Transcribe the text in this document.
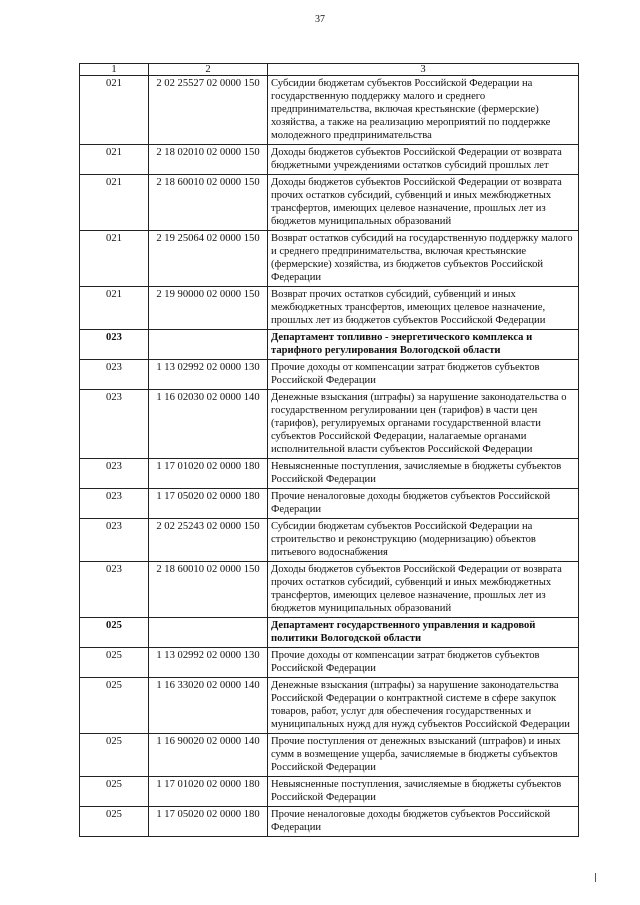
37
1	2	3
021	2 02 25527 02 0000 150	Субсидии бюджетам субъектов Российской Федерации на государственную поддержку малого и среднего предпринимательства, включая крестьянские (фермерские) хозяйства, а также на реализацию мероприятий по поддержке молодежного предпринимательства
021	2 18 02010 02 0000 150	Доходы бюджетов субъектов Российской Федерации от возврата бюджетными учреждениями остатков субсидий прошлых лет
021	2 18 60010 02 0000 150	Доходы бюджетов субъектов Российской Федерации от возврата прочих остатков субсидий, субвенций и иных межбюджетных трансфертов, имеющих целевое назначение, прошлых лет из бюджетов муниципальных образований
021	2 19 25064 02 0000 150	Возврат остатков субсидий на государственную поддержку малого и среднего предпринимательства, включая крестьянские (фермерские) хозяйства, из бюджетов субъектов Российской Федерации
021	2 19 90000 02 0000 150	Возврат прочих остатков субсидий, субвенций и иных межбюджетных трансфертов, имеющих целевое назначение, прошлых лет из бюджетов субъектов Российской Федерации
023		Департамент топливно - энергетического комплекса и тарифного регулирования Вологодской области
023	1 13 02992 02 0000 130	Прочие доходы от компенсации затрат бюджетов субъектов Российской Федерации
023	1 16 02030 02 0000 140	Денежные взыскания (штрафы) за нарушение законодательства о государственном регулировании цен (тарифов) в части цен (тарифов), регулируемых органами государственной власти субъектов Российской Федерации, налагаемые органами исполнительной власти субъектов Российской Федерации
023	1 17 01020 02 0000 180	Невыясненные поступления, зачисляемые в бюджеты субъектов Российской Федерации
023	1 17 05020 02 0000 180	Прочие неналоговые доходы бюджетов субъектов Российской Федерации
023	2 02 25243 02 0000 150	Субсидии бюджетам субъектов Российской Федерации на строительство и реконструкцию (модернизацию) объектов питьевого водоснабжения
023	2 18 60010 02 0000 150	Доходы бюджетов субъектов Российской Федерации от возврата прочих остатков субсидий, субвенций и иных межбюджетных трансфертов, имеющих целевое назначение, прошлых лет из бюджетов муниципальных образований
025		Департамент государственного управления и кадровой политики Вологодской области
025	1 13 02992 02 0000 130	Прочие доходы от компенсации затрат бюджетов субъектов Российской Федерации
025	1 16 33020 02 0000 140	Денежные взыскания (штрафы) за нарушение законодательства Российской Федерации о контрактной системе в сфере закупок товаров, работ, услуг для обеспечения государственных и муниципальных нужд для нужд субъектов Российской Федерации
025	1 16 90020 02 0000 140	Прочие поступления от денежных взысканий (штрафов) и иных сумм в возмещение ущерба, зачисляемые в бюджеты субъектов Российской Федерации
025	1 17 01020 02 0000 180	Невыясненные поступления, зачисляемые в бюджеты субъектов Российской Федерации
025	1 17 05020 02 0000 180	Прочие неналоговые доходы бюджетов субъектов Российской Федерации
